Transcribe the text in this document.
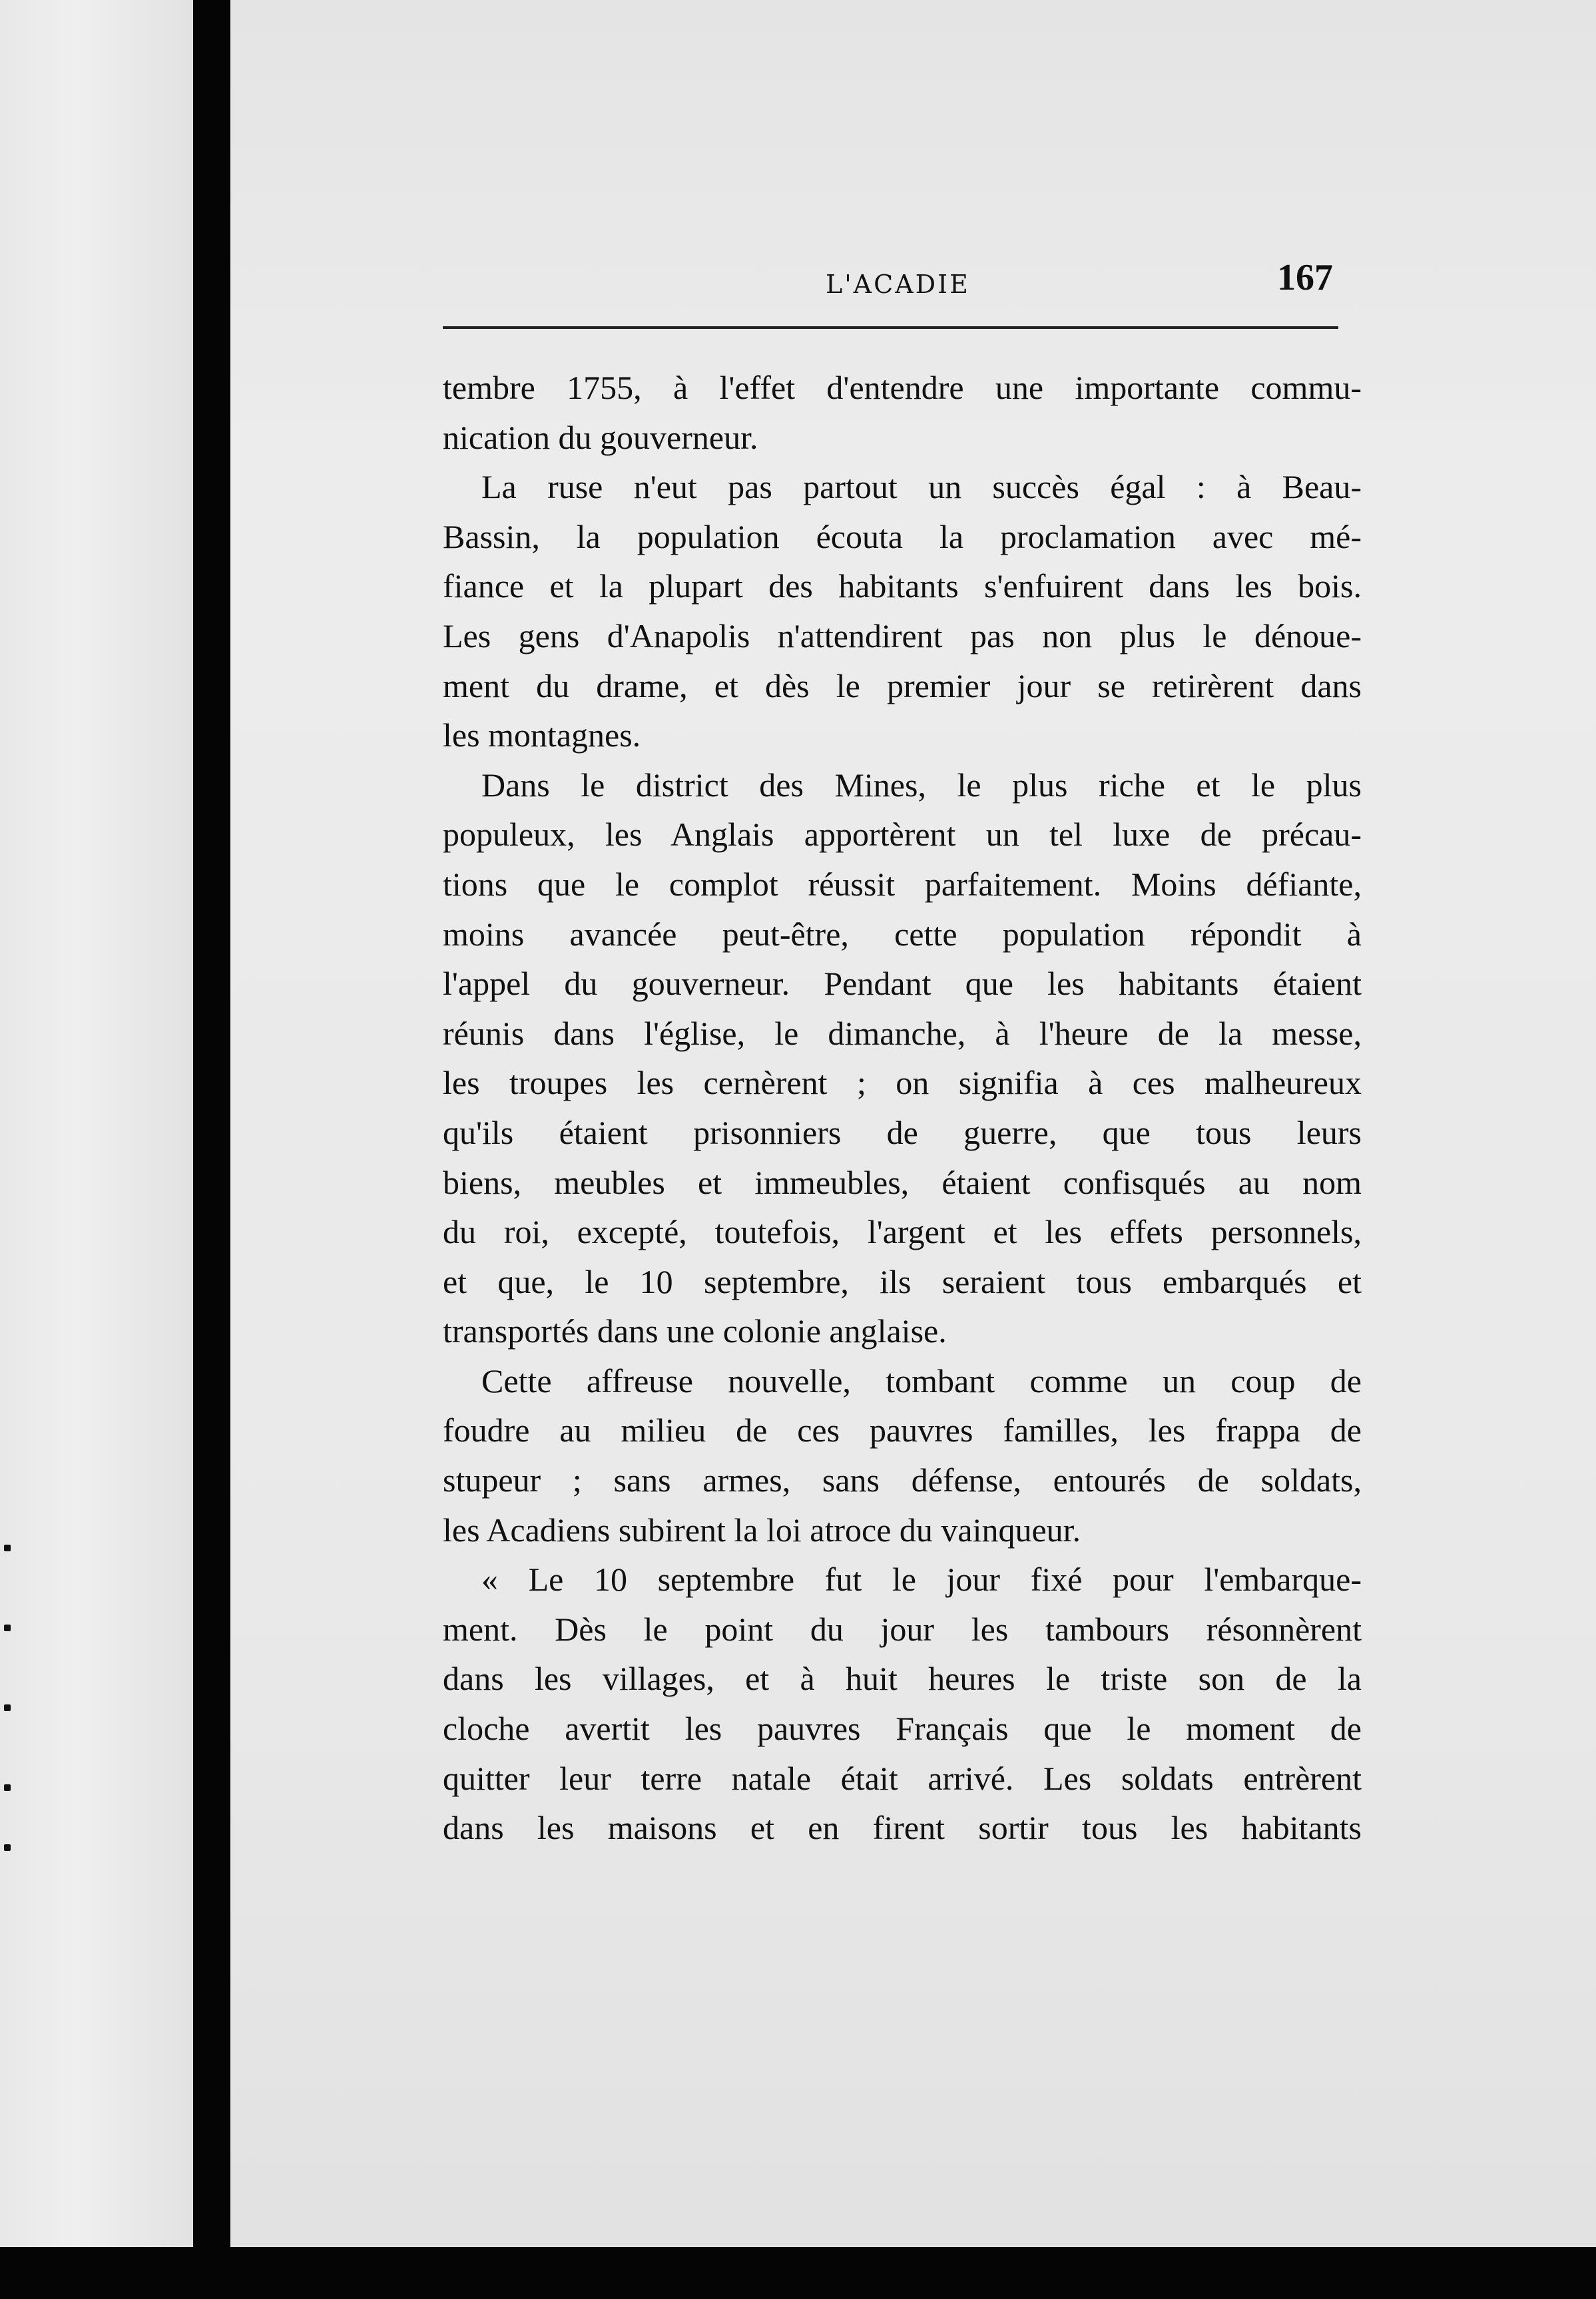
L'ACADIE	167
tembre 1755, à l'effet d'entendre une importante commu-
nication du gouverneur.
La ruse n'eut pas partout un succès égal : à Beau-
Bassin, la population écouta la proclamation avec mé-
fiance et la plupart des habitants s'enfuirent dans les bois.
Les gens d'Anapolis n'attendirent pas non plus le dénoue-
ment du drame, et dès le premier jour se retirèrent dans
les montagnes.
Dans le district des Mines, le plus riche et le plus
populeux, les Anglais apportèrent un tel luxe de précau-
tions que le complot réussit parfaitement. Moins défiante,
moins avancée peut-être, cette population répondit à
l'appel du gouverneur. Pendant que les habitants étaient
réunis dans l'église, le dimanche, à l'heure de la messe,
les troupes les cernèrent ; on signifia à ces malheureux
qu'ils étaient prisonniers de guerre, que tous leurs
biens, meubles et immeubles, étaient confisqués au nom
du roi, excepté, toutefois, l'argent et les effets personnels,
et que, le 10 septembre, ils seraient tous embarqués et
transportés dans une colonie anglaise.
Cette affreuse nouvelle, tombant comme un coup de
foudre au milieu de ces pauvres familles, les frappa de
stupeur ; sans armes, sans défense, entourés de soldats,
les Acadiens subirent la loi atroce du vainqueur.
« Le 10 septembre fut le jour fixé pour l'embarque-
ment. Dès le point du jour les tambours résonnèrent
dans les villages, et à huit heures le triste son de la
cloche avertit les pauvres Français que le moment de
quitter leur terre natale était arrivé. Les soldats entrèrent
dans les maisons et en firent sortir tous les habitants
